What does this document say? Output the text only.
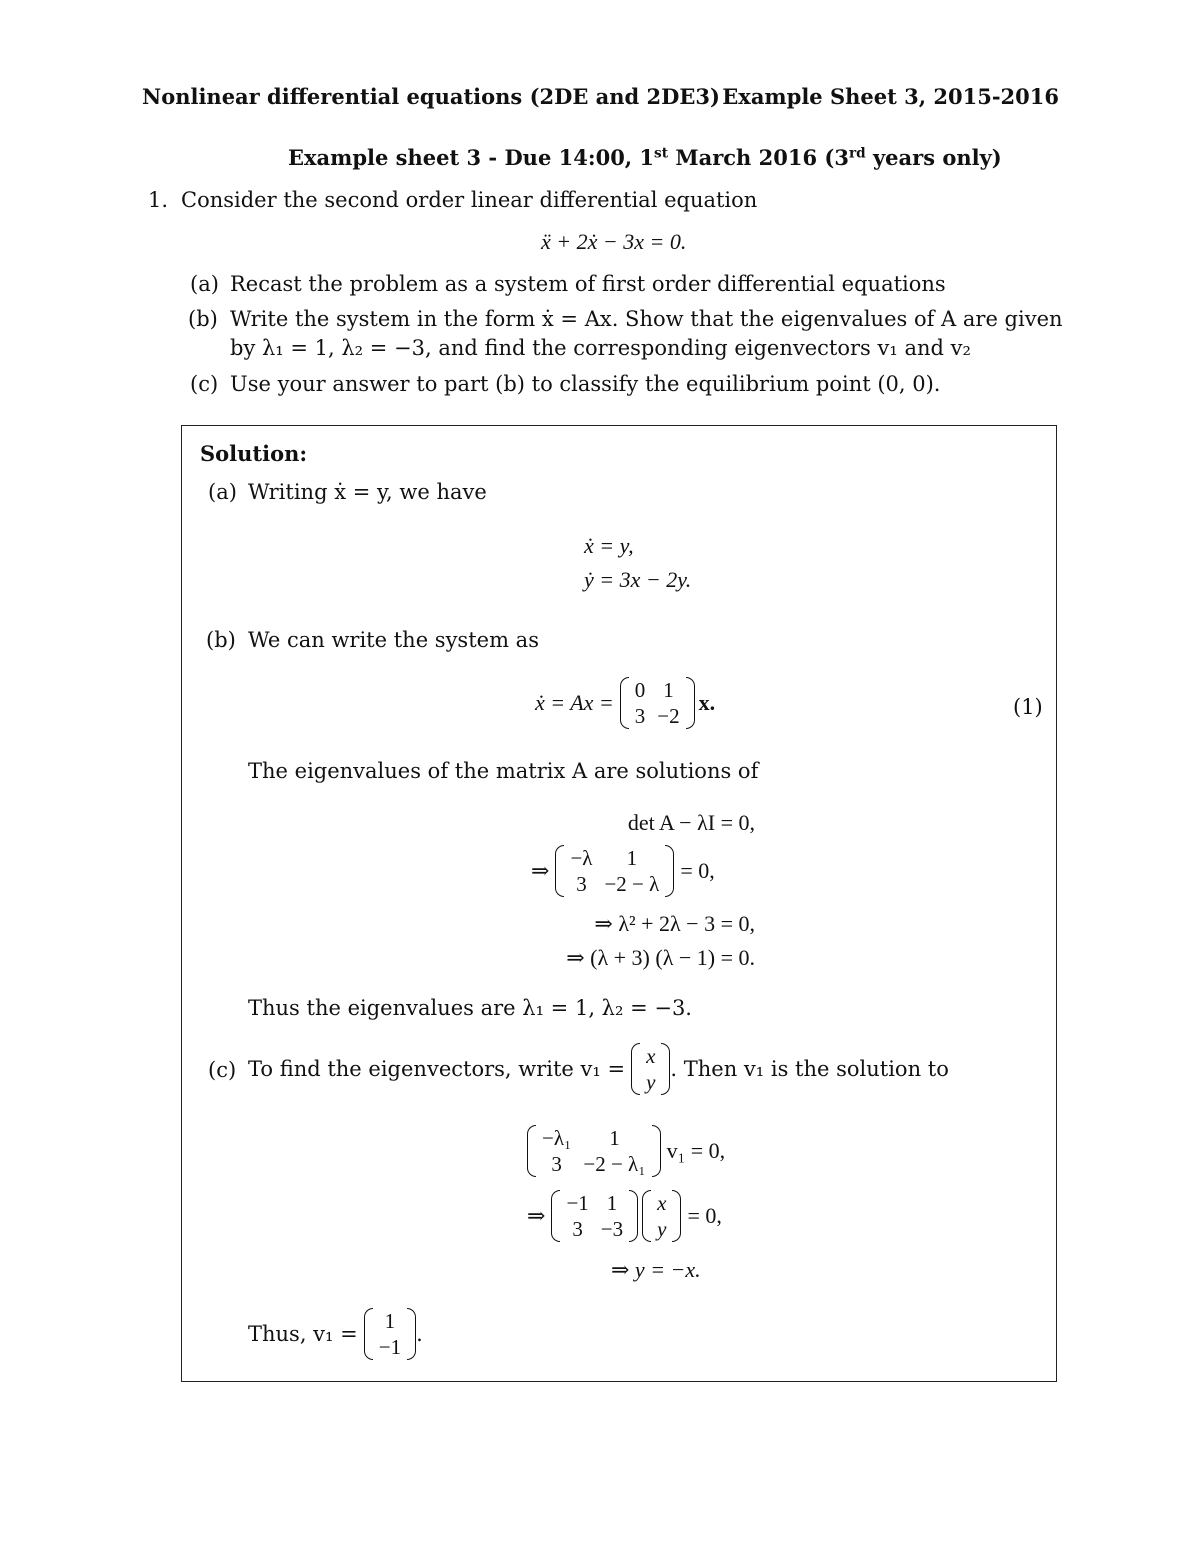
Nonlinear differential equations (2DE and 2DE3) Example Sheet 3, 2015-2016
Example sheet 3 - Due 14:00, 1st March 2016 (3rd years only)
1. Consider the second order linear differential equation
ẍ + 2ẋ − 3x = 0.
(a) Recast the problem as a system of first order differential equations
(b) Write the system in the form ẋ = Ax. Show that the eigenvalues of A are given
by λ₁ = 1, λ₂ = −3, and find the corresponding eigenvectors v₁ and v₂
(c) Use your answer to part (b) to classify the equilibrium point (0, 0).
Solution:
(a) Writing ẋ = y, we have
ẋ = y,
ẏ = 3x − 2y.
(b) We can write the system as
ẋ = Ax = 0	1
3	−2
x.	(1)
The eigenvalues of the matrix A are solutions of
det A − λI = 0,
⇒ −λ	1
3	−2 − λ
= 0,
⇒ λ² + 2λ − 3 = 0,
⇒ (λ + 3) (λ − 1) = 0.
Thus the eigenvalues are λ₁ = 1, λ₂ = −3.
(c) To find the eigenvectors, write v₁ =
x
y
. Then v₁ is the solution to
−λ₁	1
3	−2 − λ₁
v₁ = 0,
⇒ −1	1
3	−3
x
y
= 0,
⇒ y = −x.
Thus, v₁ =
1
−1
.
